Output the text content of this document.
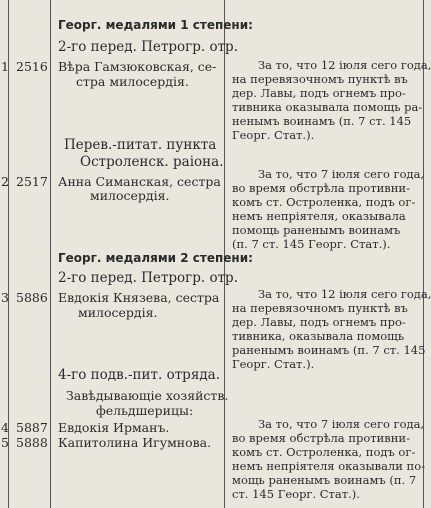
Георг. медалями 1 степени:
2-го перед. Петрогр. отр.
1 2516 Вѣра Гамзюковская, се-
стра милосердія.
За то, что 12 іюля сего года,
на перевязочномъ пунктѣ въ
дер. Лавы, подъ огнемъ про-
тивника оказывала помощь ра-
ненымъ воинамъ (п. 7 ст. 145
Георг. Стат.).
Перев.-питат. пункта
Остроленск. раіона.
2 2517 Анна Симанская, сестра
милосердія.
За то, что 7 іюля сего года,
во время обстрѣла противни-
комъ ст. Остроленка, подъ ог-
немъ непріятеля, оказывала
помощь раненымъ воинамъ
(п. 7 ст. 145 Георг. Стат.).
Георг. медалями 2 степени:
2-го перед. Петрогр. отр.
3 5886 Евдокія Князева, сестра
милосердія.
За то, что 12 іюля сего года,
на перевязочномъ пунктѣ въ
дер. Лавы, подъ огнемъ про-
тивника, оказывала помощь
раненымъ воинамъ (п. 7 ст. 145
Георг. Стат.).
4-го подв.-пит. отряда.
Завѣдывающіе хозяйств.
фельдшерицы:
4 5887 Евдокія Ирманъ.
5 5888 Капитолина Игумнова.
За то, что 7 іюля сего года,
во время обстрѣла противни-
комъ ст. Остроленка, подъ ог-
немъ непріятеля оказывали по-
мощь раненымъ воинамъ (п. 7
ст. 145 Георг. Стат.).
